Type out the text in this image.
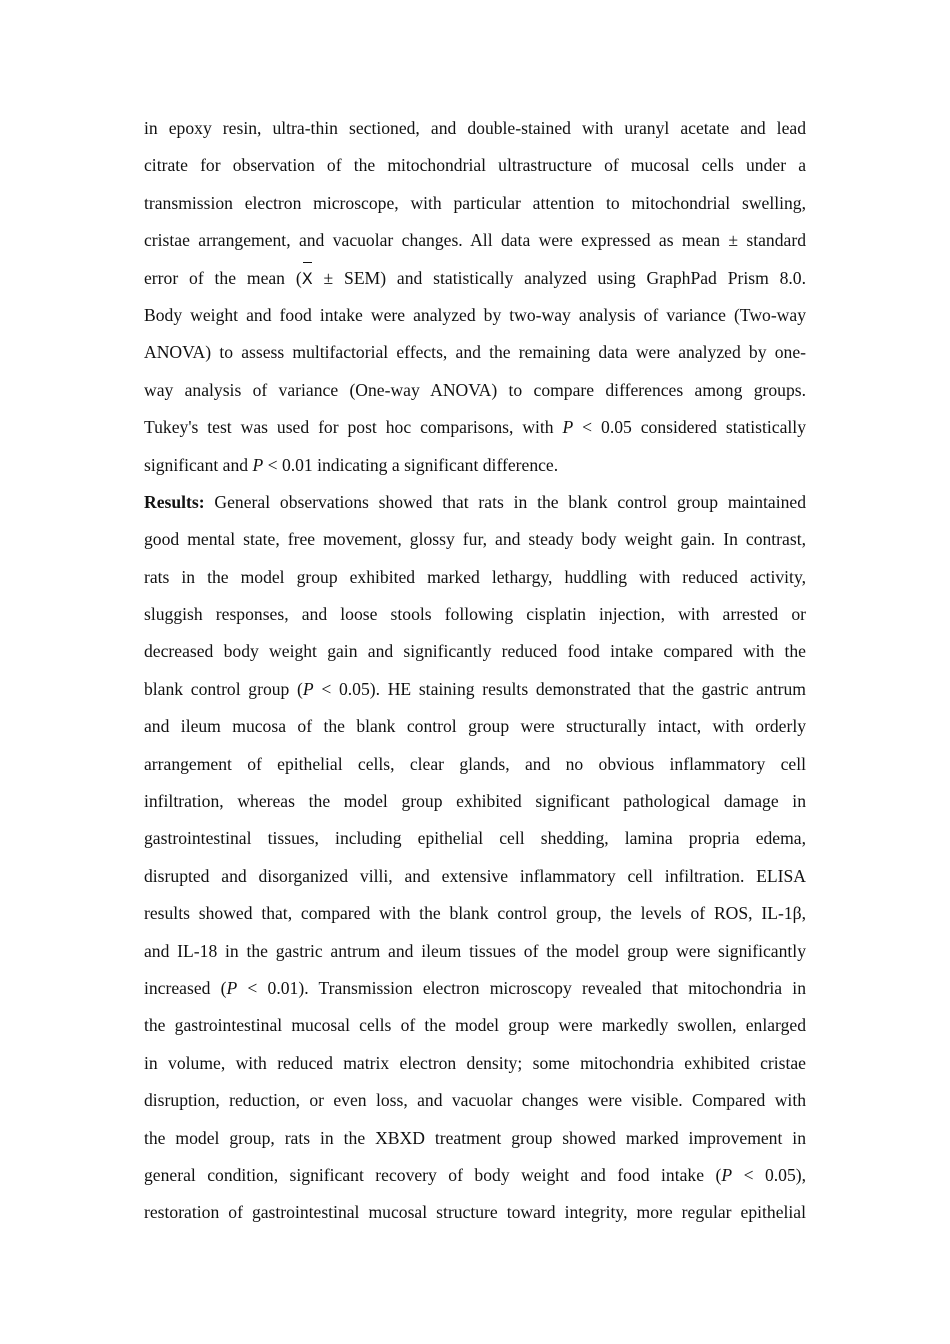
in epoxy resin, ultra-thin sectioned, and double-stained with uranyl acetate and lead
citrate for observation of the mitochondrial ultrastructure of mucosal cells under a
transmission electron microscope, with particular attention to mitochondrial swelling,
cristae arrangement, and vacuolar changes. All data were expressed as mean ± standard
error of the mean (X ± SEM) and statistically analyzed using GraphPad Prism 8.0.
Body weight and food intake were analyzed by two-way analysis of variance (Two-way
ANOVA) to assess multifactorial effects, and the remaining data were analyzed by one-
way analysis of variance (One-way ANOVA) to compare differences among groups.
Tukey's test was used for post hoc comparisons, with P < 0.05 considered statistically
significant and P < 0.01 indicating a significant difference.
Results: General observations showed that rats in the blank control group maintained
good mental state, free movement, glossy fur, and steady body weight gain. In contrast,
rats in the model group exhibited marked lethargy, huddling with reduced activity,
sluggish responses, and loose stools following cisplatin injection, with arrested or
decreased body weight gain and significantly reduced food intake compared with the
blank control group (P < 0.05). HE staining results demonstrated that the gastric antrum
and ileum mucosa of the blank control group were structurally intact, with orderly
arrangement of epithelial cells, clear glands, and no obvious inflammatory cell
infiltration, whereas the model group exhibited significant pathological damage in
gastrointestinal tissues, including epithelial cell shedding, lamina propria edema,
disrupted and disorganized villi, and extensive inflammatory cell infiltration. ELISA
results showed that, compared with the blank control group, the levels of ROS, IL-1β,
and IL-18 in the gastric antrum and ileum tissues of the model group were significantly
increased (P < 0.01). Transmission electron microscopy revealed that mitochondria in
the gastrointestinal mucosal cells of the model group were markedly swollen, enlarged
in volume, with reduced matrix electron density; some mitochondria exhibited cristae
disruption, reduction, or even loss, and vacuolar changes were visible. Compared with
the model group, rats in the XBXD treatment group showed marked improvement in
general condition, significant recovery of body weight and food intake (P < 0.05),
restoration of gastrointestinal mucosal structure toward integrity, more regular epithelial
